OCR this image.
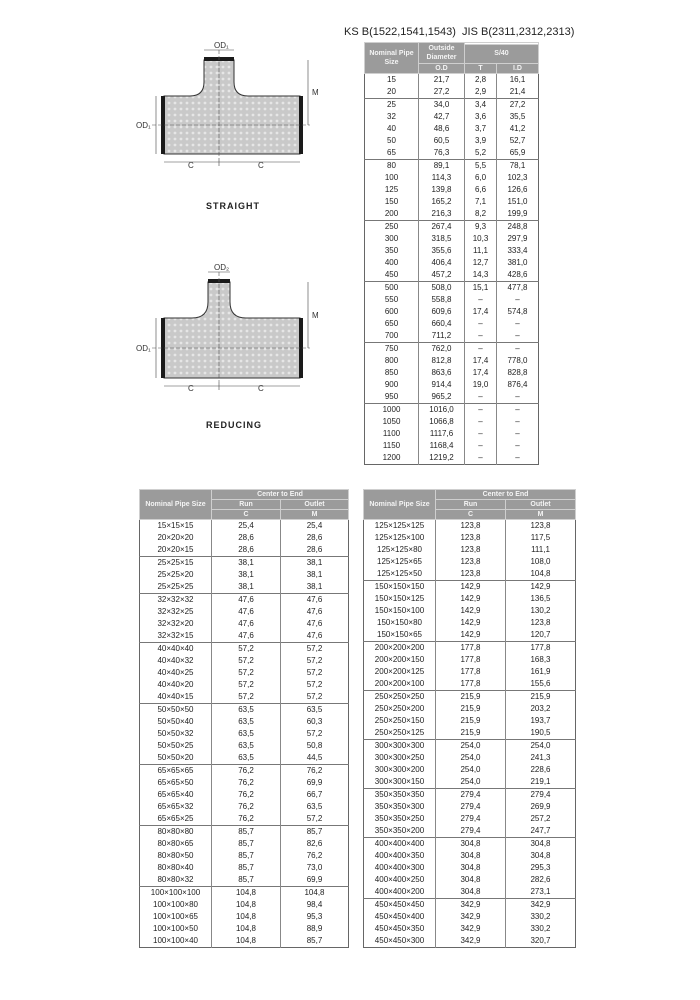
KS B(1522,1541,1543) JIS B(2311,2312,2313)
OD₁
OD₁
M
C	C
STRAIGHT
OD₂
OD₁
M
C	C
REDUCING
Nominal Pipe Size	Outside Diameter		
		S/40	
	O.D	T	I.D
15	21,7	2,8	16,1
20	27,2	2,9	21,4
25	34,0	3,4	27,2
32	42,7	3,6	35,5
40	48,6	3,7	41,2
50	60,5	3,9	52,7
65	76,3	5,2	65,9
80	89,1	5,5	78,1
100	114,3	6,0	102,3
125	139,8	6,6	126,6
150	165,2	7,1	151,0
200	216,3	8,2	199,9
250	267,4	9,3	248,8
300	318,5	10,3	297,9
350	355,6	11,1	333,4
400	406,4	12,7	381,0
450	457,2	14,3	428,6
500	508,0	15,1	477,8
550	558,8	–	–
600	609,6	17,4	574,8
650	660,4	–	–
700	711,2	–	–
750	762,0	–	–
800	812,8	17,4	778,0
850	863,6	17,4	828,8
900	914,4	19,0	876,4
950	965,2	–	–
1000	1016,0	–	–
1050	1066,8	–	–
1100	1117,6	–	–
1150	1168,4	–	–
1200	1219,2	–	–
Nominal Pipe Size	Center to End	
	Run	Outlet
	C	M
15×15×15	25,4	25,4
20×20×20	28,6	28,6
20×20×15	28,6	28,6
25×25×15	38,1	38,1
25×25×20	38,1	38,1
25×25×25	38,1	38,1
32×32×32	47,6	47,6
32×32×25	47,6	47,6
32×32×20	47,6	47,6
32×32×15	47,6	47,6
40×40×40	57,2	57,2
40×40×32	57,2	57,2
40×40×25	57,2	57,2
40×40×20	57,2	57,2
40×40×15	57,2	57,2
50×50×50	63,5	63,5
50×50×40	63,5	60,3
50×50×32	63,5	57,2
50×50×25	63,5	50,8
50×50×20	63,5	44,5
65×65×65	76,2	76,2
65×65×50	76,2	69,9
65×65×40	76,2	66,7
65×65×32	76,2	63,5
65×65×25	76,2	57,2
80×80×80	85,7	85,7
80×80×65	85,7	82,6
80×80×50	85,7	76,2
80×80×40	85,7	73,0
80×80×32	85,7	69,9
100×100×100	104,8	104,8
100×100×80	104,8	98,4
100×100×65	104,8	95,3
100×100×50	104,8	88,9
100×100×40	104,8	85,7
Nominal Pipe Size	Center to End	
	Run	Outlet
	C	M
125×125×125	123,8	123,8
125×125×100	123,8	117,5
125×125×80	123,8	111,1
125×125×65	123,8	108,0
125×125×50	123,8	104,8
150×150×150	142,9	142,9
150×150×125	142,9	136,5
150×150×100	142,9	130,2
150×150×80	142,9	123,8
150×150×65	142,9	120,7
200×200×200	177,8	177,8
200×200×150	177,8	168,3
200×200×125	177,8	161,9
200×200×100	177,8	155,6
250×250×250	215,9	215,9
250×250×200	215,9	203,2
250×250×150	215,9	193,7
250×250×125	215,9	190,5
300×300×300	254,0	254,0
300×300×250	254,0	241,3
300×300×200	254,0	228,6
300×300×150	254,0	219,1
350×350×350	279,4	279,4
350×350×300	279,4	269,9
350×350×250	279,4	257,2
350×350×200	279,4	247,7
400×400×400	304,8	304,8
400×400×350	304,8	304,8
400×400×300	304,8	295,3
400×400×250	304,8	282,6
400×400×200	304,8	273,1
450×450×450	342,9	342,9
450×450×400	342,9	330,2
450×450×350	342,9	330,2
450×450×300	342,9	320,7
